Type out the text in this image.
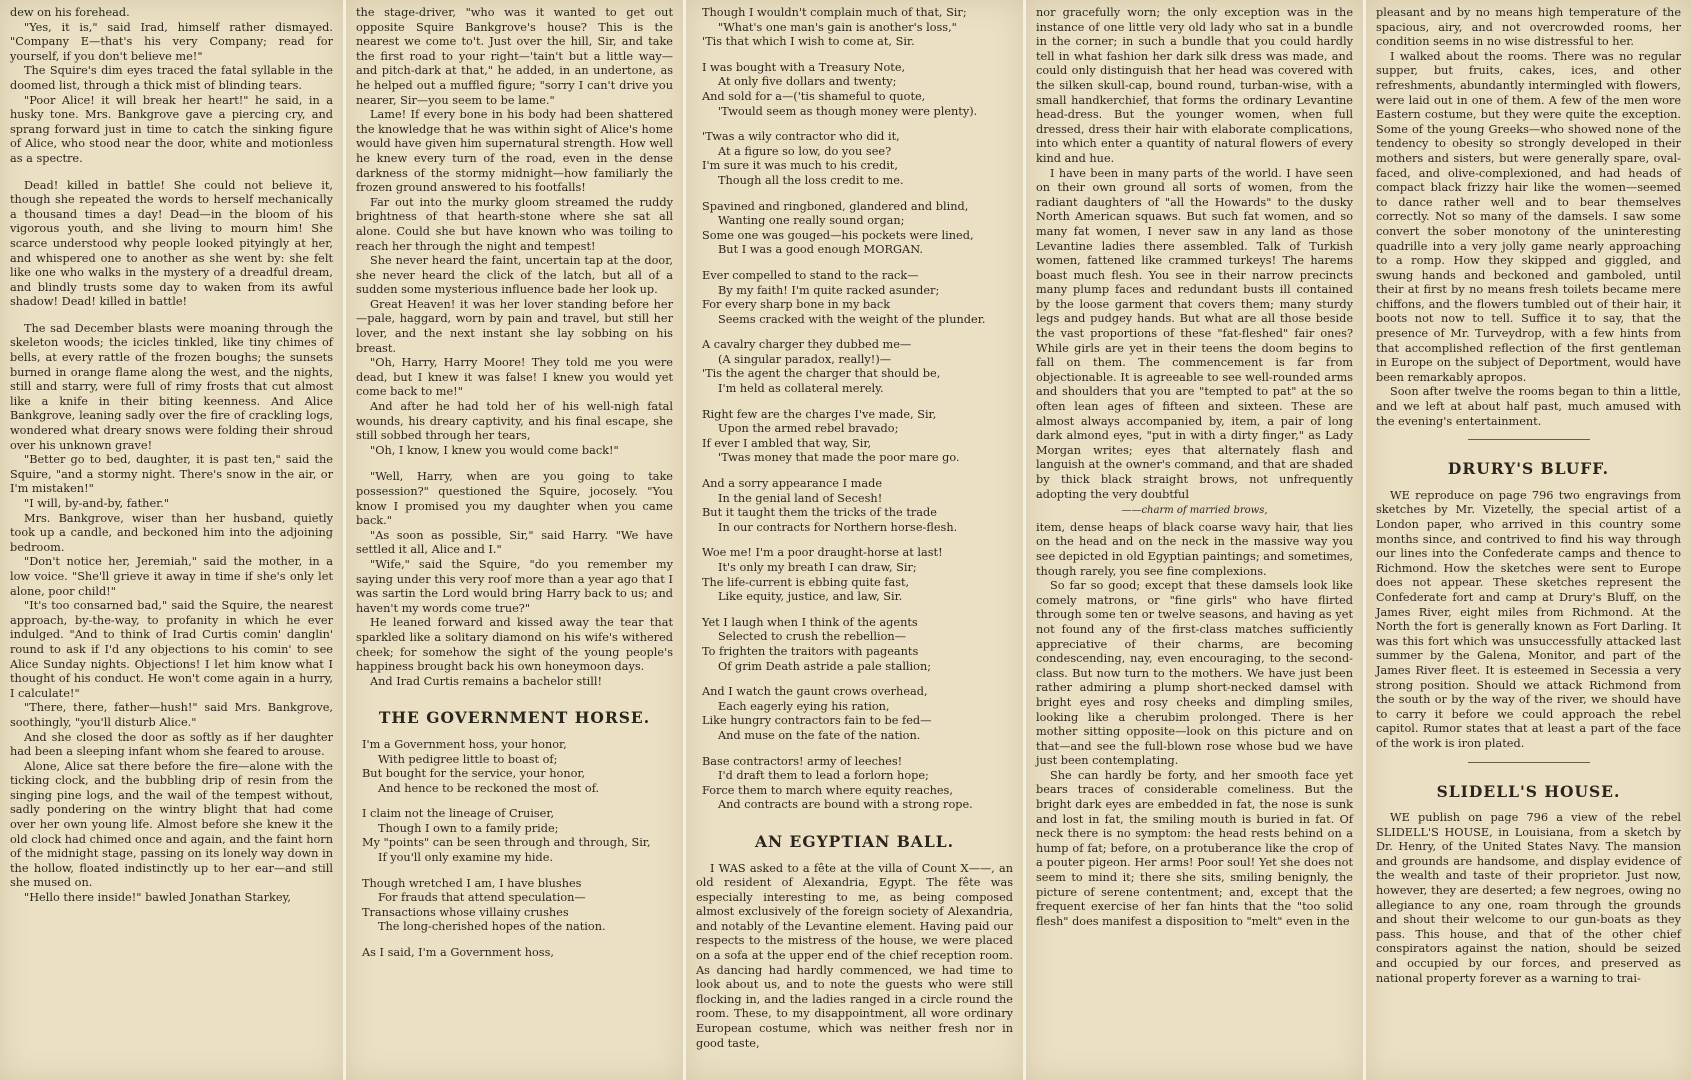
dew on his forehead.

"Yes, it is," said Irad, himself rather dismayed. "Company E—that's his very Company; read for yourself, if you don't believe me!"

The Squire's dim eyes traced the fatal syllable in the doomed list, through a thick mist of blinding tears.

"Poor Alice! it will break her heart!" he said, in a husky tone. Mrs. Bankgrove gave a piercing cry, and sprang forward just in time to catch the sinking figure of Alice, who stood near the door, white and motionless as a spectre.

Dead! killed in battle! She could not believe it, though she repeated the words to herself mechanically a thousand times a day! Dead—in the bloom of his vigorous youth, and she living to mourn him! She scarce understood why people looked pityingly at her, and whispered one to another as she went by: she felt like one who walks in the mystery of a dreadful dream, and blindly trusts some day to waken from its awful shadow! Dead! killed in battle!

The sad December blasts were moaning through the skeleton woods; the icicles tinkled, like tiny chimes of bells, at every rattle of the frozen boughs; the sunsets burned in orange flame along the west, and the nights, still and starry, were full of rimy frosts that cut almost like a knife in their biting keenness. And Alice Bankgrove, leaning sadly over the fire of crackling logs, wondered what dreary snows were folding their shroud over his unknown grave!

"Better go to bed, daughter, it is past ten," said the Squire, "and a stormy night. There's snow in the air, or I'm mistaken!"

"I will, by-and-by, father."

Mrs. Bankgrove, wiser than her husband, quietly took up a candle, and beckoned him into the adjoining bedroom.

"Don't notice her, Jeremiah," said the mother, in a low voice. "She'll grieve it away in time if she's only let alone, poor child!"

"It's too consarned bad," said the Squire, the nearest approach, by-the-way, to profanity in which he ever indulged. "And to think of Irad Curtis comin' danglin' round to ask if I'd any objections to his comin' to see Alice Sunday nights. Objections! I let him know what I thought of his conduct. He won't come again in a hurry, I calculate!"

"There, there, father—hush!" said Mrs. Bankgrove, soothingly, "you'll disturb Alice."

And she closed the door as softly as if her daughter had been a sleeping infant whom she feared to arouse.

Alone, Alice sat there before the fire—alone with the ticking clock, and the bubbling drip of resin from the singing pine logs, and the wail of the tempest without, sadly pondering on the wintry blight that had come over her own young life. Almost before she knew it the old clock had chimed once and again, and the faint horn of the midnight stage, passing on its lonely way down in the hollow, floated indistinctly up to her ear—and still she mused on.

"Hello there inside!" bawled Jonathan Starkey,

the stage-driver, "who was it wanted to get out opposite Squire Bankgrove's house? This is the nearest we come to't. Just over the hill, Sir, and take the first road to your right—'tain't but a little way—and pitch-dark at that," he added, in an undertone, as he helped out a muffled figure; "sorry I can't drive you nearer, Sir—you seem to be lame."

Lame! If every bone in his body had been shattered the knowledge that he was within sight of Alice's home would have given him supernatural strength. How well he knew every turn of the road, even in the dense darkness of the stormy midnight—how familiarly the frozen ground answered to his footfalls!

Far out into the murky gloom streamed the ruddy brightness of that hearth-stone where she sat all alone. Could she but have known who was toiling to reach her through the night and tempest!

She never heard the faint, uncertain tap at the door, she never heard the click of the latch, but all of a sudden some mysterious influence bade her look up.

Great Heaven! it was her lover standing before her—pale, haggard, worn by pain and travel, but still her lover, and the next instant she lay sobbing on his breast.

"Oh, Harry, Harry Moore! They told me you were dead, but I knew it was false! I knew you would yet come back to me!"

And after he had told her of his well-nigh fatal wounds, his dreary captivity, and his final escape, she still sobbed through her tears,

"Oh, I know, I knew you would come back!"

"Well, Harry, when are you going to take possession?" questioned the Squire, jocosely. "You know I promised you my daughter when you came back."

"As soon as possible, Sir," said Harry. "We have settled it all, Alice and I."

"Wife," said the Squire, "do you remember my saying under this very roof more than a year ago that I was sartin the Lord would bring Harry back to us; and haven't my words come true?"

He leaned forward and kissed away the tear that sparkled like a solitary diamond on his wife's withered cheek; for somehow the sight of the young people's happiness brought back his own honeymoon days.

And Irad Curtis remains a bachelor still!

THE GOVERNMENT HORSE.
I'm a Government hoss, your honor,
With pedigree little to boast of;
But bought for the service, your honor,
And hence to be reckoned the most of.
I claim not the lineage of Cruiser,
Though I own to a family pride;
My "points" can be seen through and through, Sir,
If you'll only examine my hide.
Though wretched I am, I have blushes
For frauds that attend speculation—
Transactions whose villainy crushes
The long-cherished hopes of the nation.
As I said, I'm a Government hoss,
Though I wouldn't complain much of that, Sir;
"What's one man's gain is another's loss,"
'Tis that which I wish to come at, Sir.
I was bought with a Treasury Note,
At only five dollars and twenty;
And sold for a—('tis shameful to quote,
'Twould seem as though money were plenty).
'Twas a wily contractor who did it,
At a figure so low, do you see?
I'm sure it was much to his credit,
Though all the loss credit to me.
Spavined and ringboned, glandered and blind,
Wanting one really sound organ;
Some one was gouged—his pockets were lined,
But I was a good enough MORGAN.
Ever compelled to stand to the rack—
By my faith! I'm quite racked asunder;
For every sharp bone in my back
Seems cracked with the weight of the plunder.
A cavalry charger they dubbed me—
(A singular paradox, really!)—
'Tis the agent the charger that should be,
I'm held as collateral merely.
Right few are the charges I've made, Sir,
Upon the armed rebel bravado;
If ever I ambled that way, Sir,
'Twas money that made the poor mare go.
And a sorry appearance I made
In the genial land of Secesh!
But it taught them the tricks of the trade
In our contracts for Northern horse-flesh.
Woe me! I'm a poor draught-horse at last!
It's only my breath I can draw, Sir;
The life-current is ebbing quite fast,
Like equity, justice, and law, Sir.
Yet I laugh when I think of the agents
Selected to crush the rebellion—
To frighten the traitors with pageants
Of grim Death astride a pale stallion;
And I watch the gaunt crows overhead,
Each eagerly eying his ration,
Like hungry contractors fain to be fed—
And muse on the fate of the nation.
Base contractors! army of leeches!
I'd draft them to lead a forlorn hope;
Force them to march where equity reaches,
And contracts are bound with a strong rope.
AN EGYPTIAN BALL.

I WAS asked to a fête at the villa of Count X——, an old resident of Alexandria, Egypt. The fête was especially interesting to me, as being composed almost exclusively of the foreign society of Alexandria, and notably of the Levantine element. Having paid our respects to the mistress of the house, we were placed on a sofa at the upper end of the chief reception room. As dancing had hardly commenced, we had time to look about us, and to note the guests who were still flocking in, and the ladies ranged in a circle round the room. These, to my disappointment, all wore ordinary European costume, which was neither fresh nor in good taste,

nor gracefully worn; the only exception was in the instance of one little very old lady who sat in a bundle in the corner; in such a bundle that you could hardly tell in what fashion her dark silk dress was made, and could only distinguish that her head was covered with the silken skull-cap, bound round, turban-wise, with a small handkerchief, that forms the ordinary Levantine head-dress. But the younger women, when full dressed, dress their hair with elaborate complications, into which enter a quantity of natural flowers of every kind and hue.

I have been in many parts of the world. I have seen on their own ground all sorts of women, from the radiant daughters of "all the Howards" to the dusky North American squaws. But such fat women, and so many fat women, I never saw in any land as those Levantine ladies there assembled. Talk of Turkish women, fattened like crammed turkeys! The harems boast much flesh. You see in their narrow precincts many plump faces and redundant busts ill contained by the loose garment that covers them; many sturdy legs and pudgey hands. But what are all those beside the vast proportions of these "fat-fleshed" fair ones? While girls are yet in their teens the doom begins to fall on them. The commencement is far from objectionable. It is agreeable to see well-rounded arms and shoulders that you are "tempted to pat" at the so often lean ages of fifteen and sixteen. These are almost always accompanied by, item, a pair of long dark almond eyes, "put in with a dirty finger," as Lady Morgan writes; eyes that alternately flash and languish at the owner's command, and that are shaded by thick black straight brows, not unfrequently adopting the very doubtful

——charm of married brows,

item, dense heaps of black coarse wavy hair, that lies on the head and on the neck in the massive way you see depicted in old Egyptian paintings; and sometimes, though rarely, you see fine complexions.

So far so good; except that these damsels look like comely matrons, or "fine girls" who have flirted through some ten or twelve seasons, and having as yet not found any of the first-class matches sufficiently appreciative of their charms, are becoming condescending, nay, even encouraging, to the second-class. But now turn to the mothers. We have just been rather admiring a plump short-necked damsel with bright eyes and rosy cheeks and dimpling smiles, looking like a cherubim prolonged. There is her mother sitting opposite—look on this picture and on that—and see the full-blown rose whose bud we have just been contemplating.

She can hardly be forty, and her smooth face yet bears traces of considerable comeliness. But the bright dark eyes are embedded in fat, the nose is sunk and lost in fat, the smiling mouth is buried in fat. Of neck there is no symptom: the head rests behind on a hump of fat; before, on a protuberance like the crop of a pouter pigeon. Her arms! Poor soul! Yet she does not seem to mind it; there she sits, smiling benignly, the picture of serene contentment; and, except that the frequent exercise of her fan hints that the "too solid flesh" does manifest a disposition to "melt" even in the

pleasant and by no means high temperature of the spacious, airy, and not overcrowded rooms, her condition seems in no wise distressful to her.

I walked about the rooms. There was no regular supper, but fruits, cakes, ices, and other refreshments, abundantly intermingled with flowers, were laid out in one of them. A few of the men wore Eastern costume, but they were quite the exception. Some of the young Greeks—who showed none of the tendency to obesity so strongly developed in their mothers and sisters, but were generally spare, oval-faced, and olive-complexioned, and had heads of compact black frizzy hair like the women—seemed to dance rather well and to bear themselves correctly. Not so many of the damsels. I saw some convert the sober monotony of the uninteresting quadrille into a very jolly game nearly approaching to a romp. How they skipped and giggled, and swung hands and beckoned and gamboled, until their at first by no means fresh toilets became mere chiffons, and the flowers tumbled out of their hair, it boots not now to tell. Suffice it to say, that the presence of Mr. Turveydrop, with a few hints from that accomplished reflection of the first gentleman in Europe on the subject of Deportment, would have been remarkably apropos.

Soon after twelve the rooms began to thin a little, and we left at about half past, much amused with the evening's entertainment.

DRURY'S BLUFF.

WE reproduce on page 796 two engravings from sketches by Mr. Vizetelly, the special artist of a London paper, who arrived in this country some months since, and contrived to find his way through our lines into the Confederate camps and thence to Richmond. How the sketches were sent to Europe does not appear. These sketches represent the Confederate fort and camp at Drury's Bluff, on the James River, eight miles from Richmond. At the North the fort is generally known as Fort Darling. It was this fort which was unsuccessfully attacked last summer by the Galena, Monitor, and part of the James River fleet. It is esteemed in Secessia a very strong position. Should we attack Richmond from the south or by the way of the river, we should have to carry it before we could approach the rebel capitol. Rumor states that at least a part of the face of the work is iron plated.

SLIDELL'S HOUSE.

WE publish on page 796 a view of the rebel SLIDELL'S HOUSE, in Louisiana, from a sketch by Dr. Henry, of the United States Navy. The mansion and grounds are handsome, and display evidence of the wealth and taste of their proprietor. Just now, however, they are deserted; a few negroes, owing no allegiance to any one, roam through the grounds and shout their welcome to our gun-boats as they pass. This house, and that of the other chief conspirators against the nation, should be seized and occupied by our forces, and preserved as national property forever as a warning to trai-
